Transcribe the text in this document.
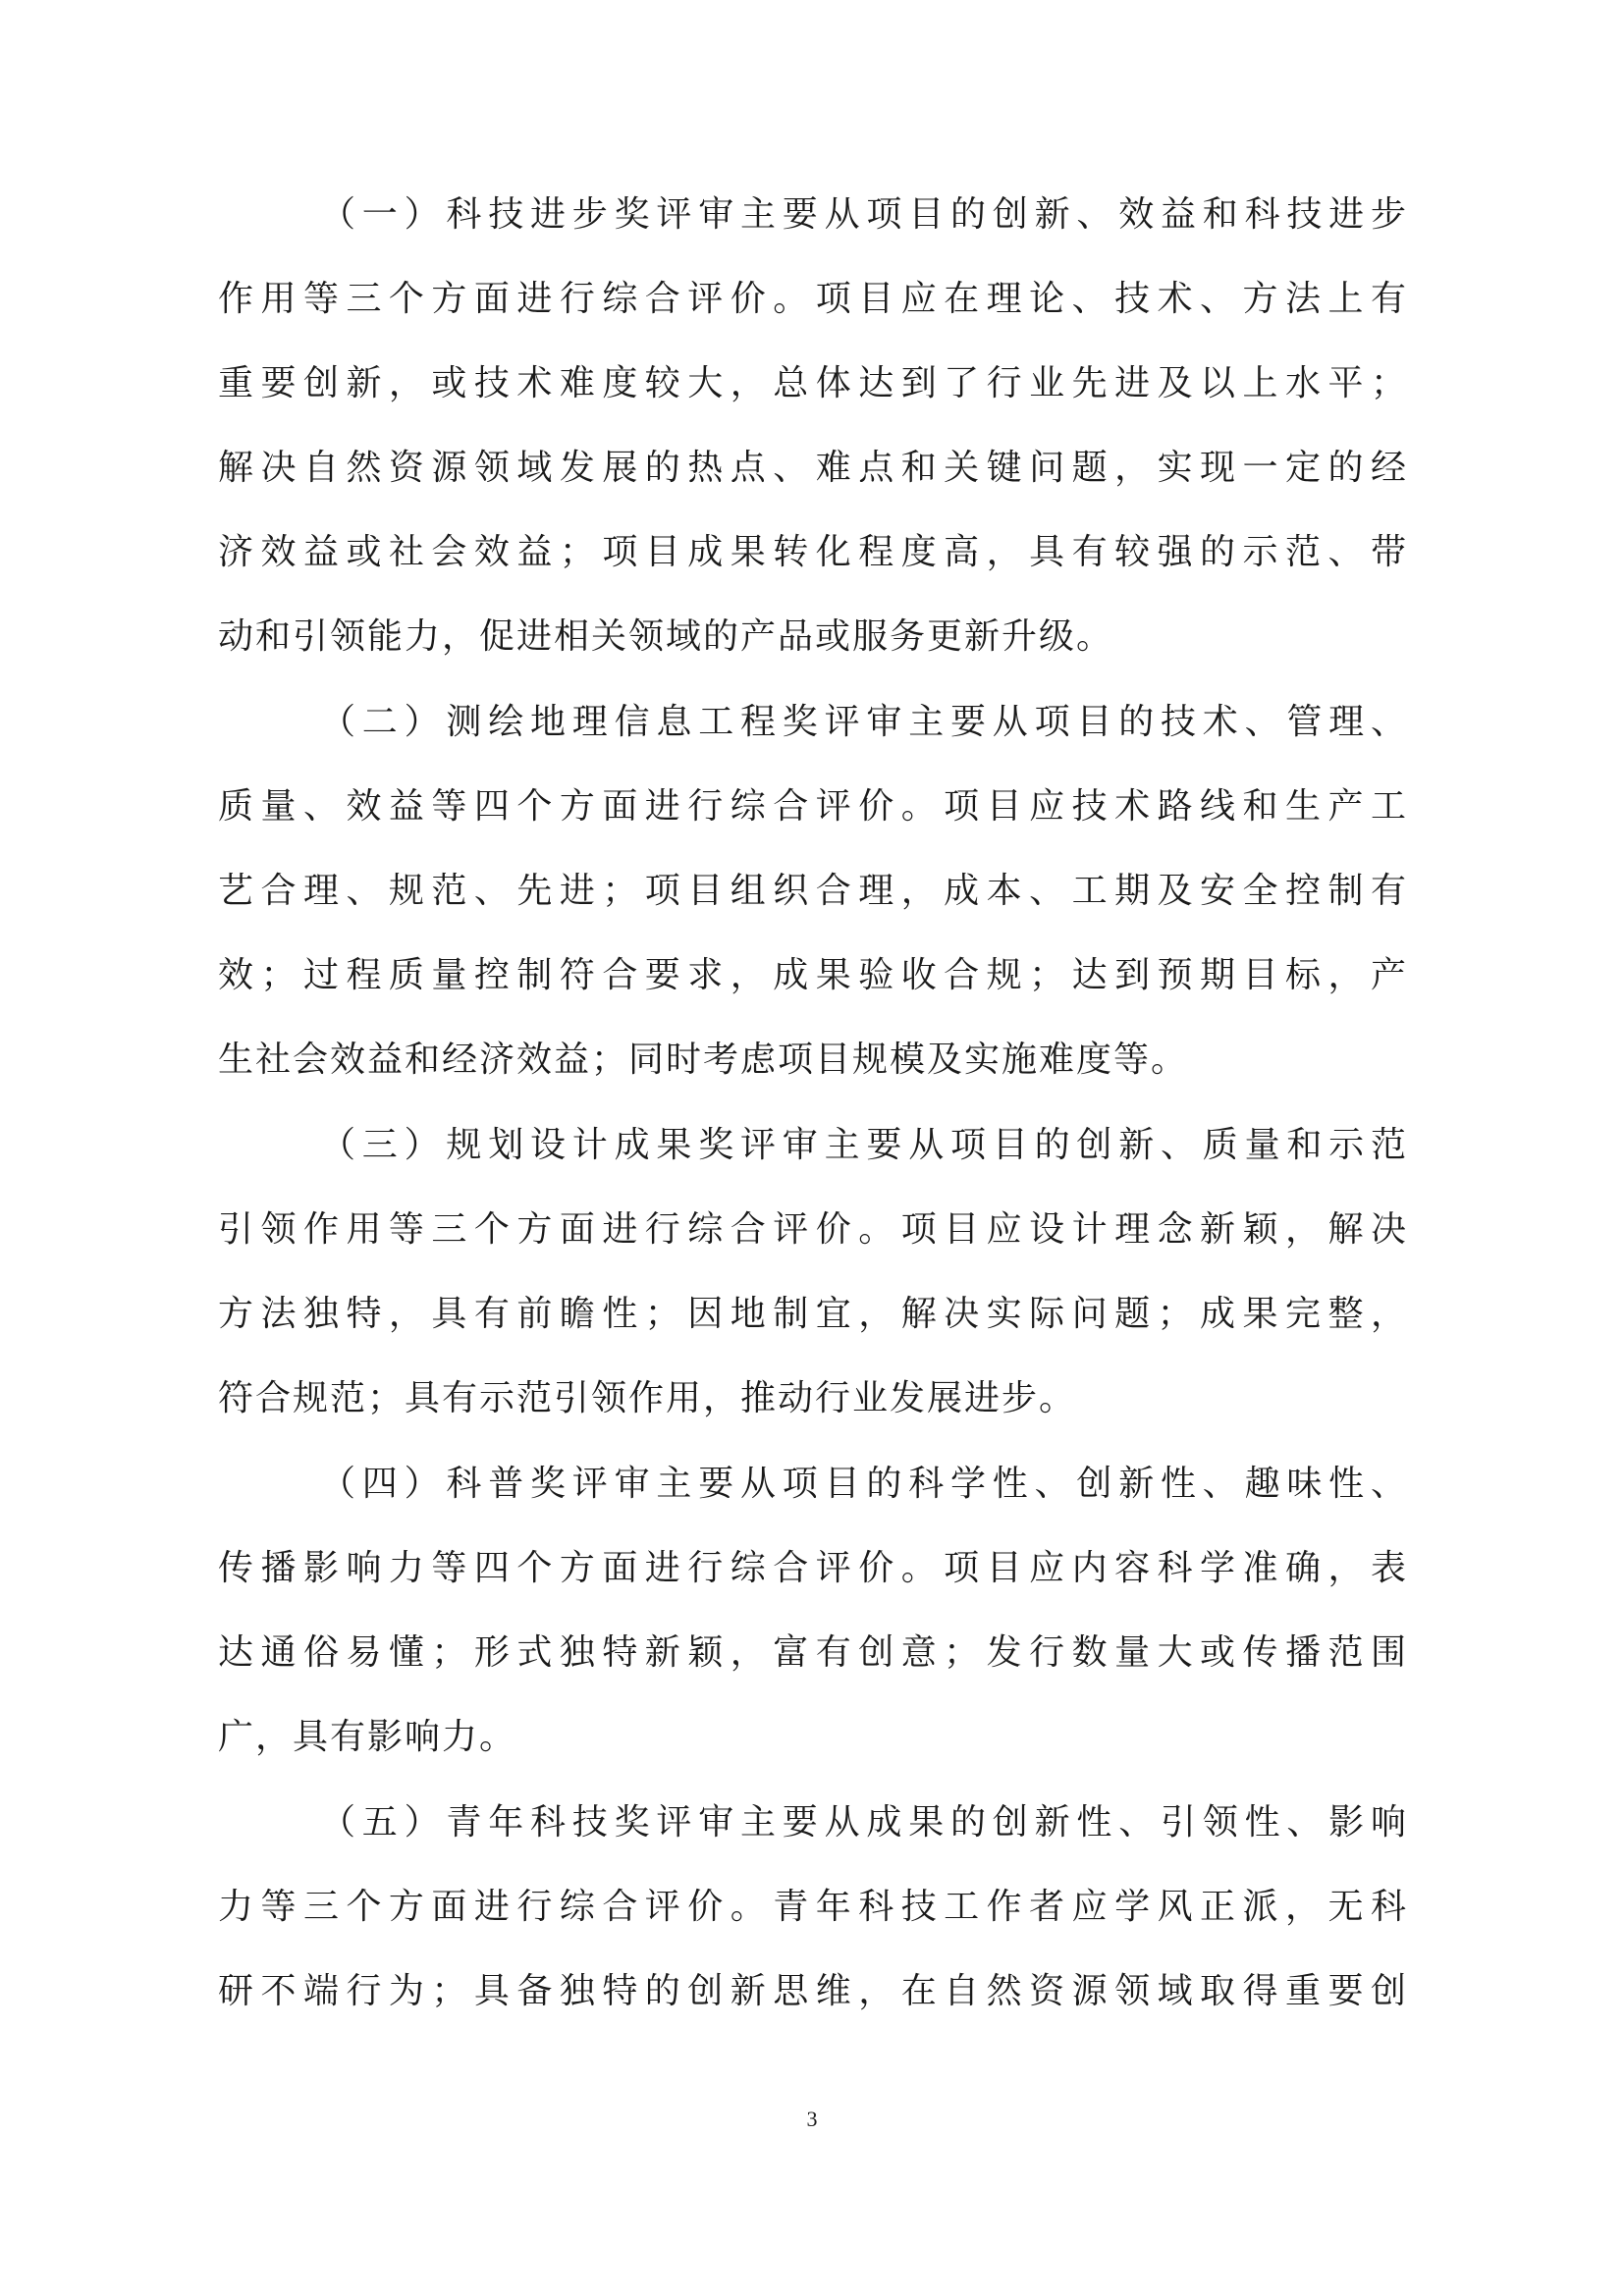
（一）科技进步奖评审主要从项目的创新、效益和科技进步
作用等三个方面进行综合评价。项目应在理论、技术、方法上有
重要创新，或技术难度较大，总体达到了行业先进及以上水平；
解决自然资源领域发展的热点、难点和关键问题，实现一定的经
济效益或社会效益；项目成果转化程度高，具有较强的示范、带
动和引领能力，促进相关领域的产品或服务更新升级。
（二）测绘地理信息工程奖评审主要从项目的技术、管理、
质量、效益等四个方面进行综合评价。项目应技术路线和生产工
艺合理、规范、先进；项目组织合理，成本、工期及安全控制有
效；过程质量控制符合要求，成果验收合规；达到预期目标，产
生社会效益和经济效益；同时考虑项目规模及实施难度等。
（三）规划设计成果奖评审主要从项目的创新、质量和示范
引领作用等三个方面进行综合评价。项目应设计理念新颖，解决
方法独特，具有前瞻性；因地制宜，解决实际问题；成果完整，
符合规范；具有示范引领作用，推动行业发展进步。
（四）科普奖评审主要从项目的科学性、创新性、趣味性、
传播影响力等四个方面进行综合评价。项目应内容科学准确，表
达通俗易懂；形式独特新颖，富有创意；发行数量大或传播范围
广，具有影响力。
（五）青年科技奖评审主要从成果的创新性、引领性、影响
力等三个方面进行综合评价。青年科技工作者应学风正派，无科
研不端行为；具备独特的创新思维，在自然资源领域取得重要创
3
